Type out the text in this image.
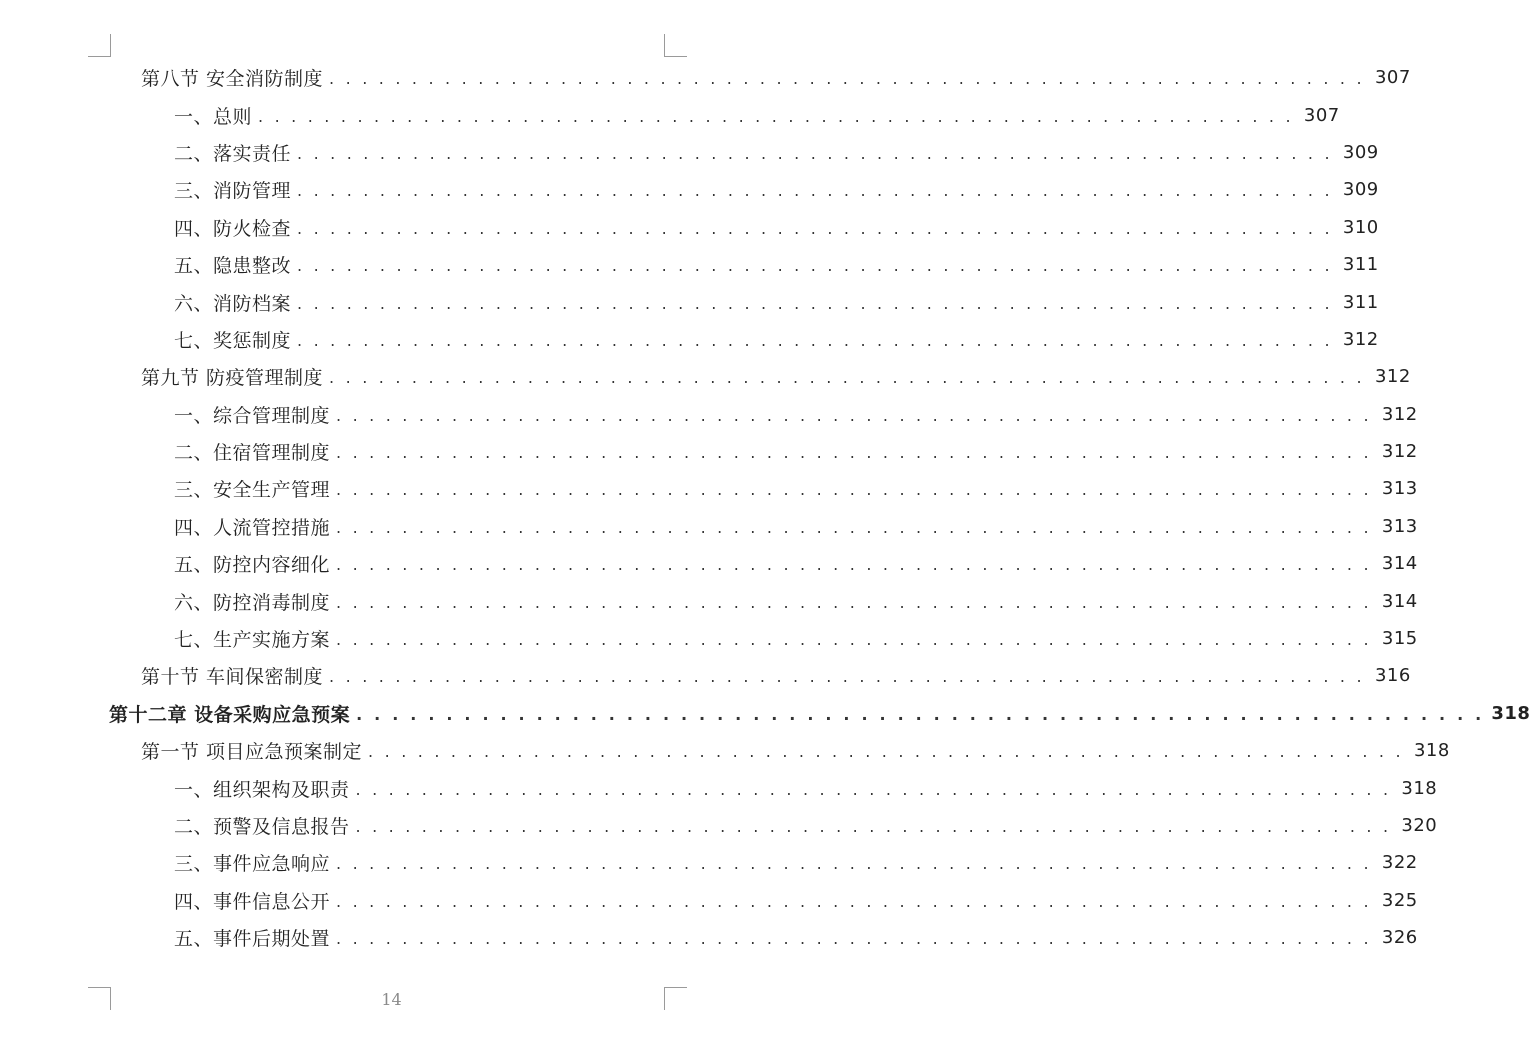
第八节 安全消防制度 . . . . . . . . . . . . . . . . . . . . . . . . . . . . . . . . . . . . . . . . . . . . . . . . . . . . . . . . . . . . . . . 307
一、总则 . . . . . . . . . . . . . . . . . . . . . . . . . . . . . . . . . . . . . . . . . . . . . . . . . . . . . . . . . . . . . . . 307
二、落实责任 . . . . . . . . . . . . . . . . . . . . . . . . . . . . . . . . . . . . . . . . . . . . . . . . . . . . . . . . . . . . . . . 309
三、消防管理 . . . . . . . . . . . . . . . . . . . . . . . . . . . . . . . . . . . . . . . . . . . . . . . . . . . . . . . . . . . . . . . 309
四、防火检查 . . . . . . . . . . . . . . . . . . . . . . . . . . . . . . . . . . . . . . . . . . . . . . . . . . . . . . . . . . . . . . . 310
五、隐患整改 . . . . . . . . . . . . . . . . . . . . . . . . . . . . . . . . . . . . . . . . . . . . . . . . . . . . . . . . . . . . . . . 311
六、消防档案 . . . . . . . . . . . . . . . . . . . . . . . . . . . . . . . . . . . . . . . . . . . . . . . . . . . . . . . . . . . . . . . 311
七、奖惩制度 . . . . . . . . . . . . . . . . . . . . . . . . . . . . . . . . . . . . . . . . . . . . . . . . . . . . . . . . . . . . . . . 312
第九节 防疫管理制度 . . . . . . . . . . . . . . . . . . . . . . . . . . . . . . . . . . . . . . . . . . . . . . . . . . . . . . . . . . . . . . . 312
一、综合管理制度 . . . . . . . . . . . . . . . . . . . . . . . . . . . . . . . . . . . . . . . . . . . . . . . . . . . . . . . . . . . . . . . 312
二、住宿管理制度 . . . . . . . . . . . . . . . . . . . . . . . . . . . . . . . . . . . . . . . . . . . . . . . . . . . . . . . . . . . . . . . 312
三、安全生产管理 . . . . . . . . . . . . . . . . . . . . . . . . . . . . . . . . . . . . . . . . . . . . . . . . . . . . . . . . . . . . . . . 313
四、人流管控措施 . . . . . . . . . . . . . . . . . . . . . . . . . . . . . . . . . . . . . . . . . . . . . . . . . . . . . . . . . . . . . . . 313
五、防控内容细化 . . . . . . . . . . . . . . . . . . . . . . . . . . . . . . . . . . . . . . . . . . . . . . . . . . . . . . . . . . . . . . . 314
六、防控消毒制度 . . . . . . . . . . . . . . . . . . . . . . . . . . . . . . . . . . . . . . . . . . . . . . . . . . . . . . . . . . . . . . . 314
七、生产实施方案 . . . . . . . . . . . . . . . . . . . . . . . . . . . . . . . . . . . . . . . . . . . . . . . . . . . . . . . . . . . . . . . 315
第十节 车间保密制度 . . . . . . . . . . . . . . . . . . . . . . . . . . . . . . . . . . . . . . . . . . . . . . . . . . . . . . . . . . . . . . . 316
第十二章 设备采购应急预案 . . . . . . . . . . . . . . . . . . . . . . . . . . . . . . . . . . . . . . . . . . . . . . . . . . . . . . . . . . . . . . . 318
第一节 项目应急预案制定 . . . . . . . . . . . . . . . . . . . . . . . . . . . . . . . . . . . . . . . . . . . . . . . . . . . . . . . . . . . . . . . 318
一、组织架构及职责 . . . . . . . . . . . . . . . . . . . . . . . . . . . . . . . . . . . . . . . . . . . . . . . . . . . . . . . . . . . . . . . 318
二、预警及信息报告 . . . . . . . . . . . . . . . . . . . . . . . . . . . . . . . . . . . . . . . . . . . . . . . . . . . . . . . . . . . . . . . 320
三、事件应急响应 . . . . . . . . . . . . . . . . . . . . . . . . . . . . . . . . . . . . . . . . . . . . . . . . . . . . . . . . . . . . . . . 322
四、事件信息公开 . . . . . . . . . . . . . . . . . . . . . . . . . . . . . . . . . . . . . . . . . . . . . . . . . . . . . . . . . . . . . . . 325
五、事件后期处置 . . . . . . . . . . . . . . . . . . . . . . . . . . . . . . . . . . . . . . . . . . . . . . . . . . . . . . . . . . . . . . . 326
14
